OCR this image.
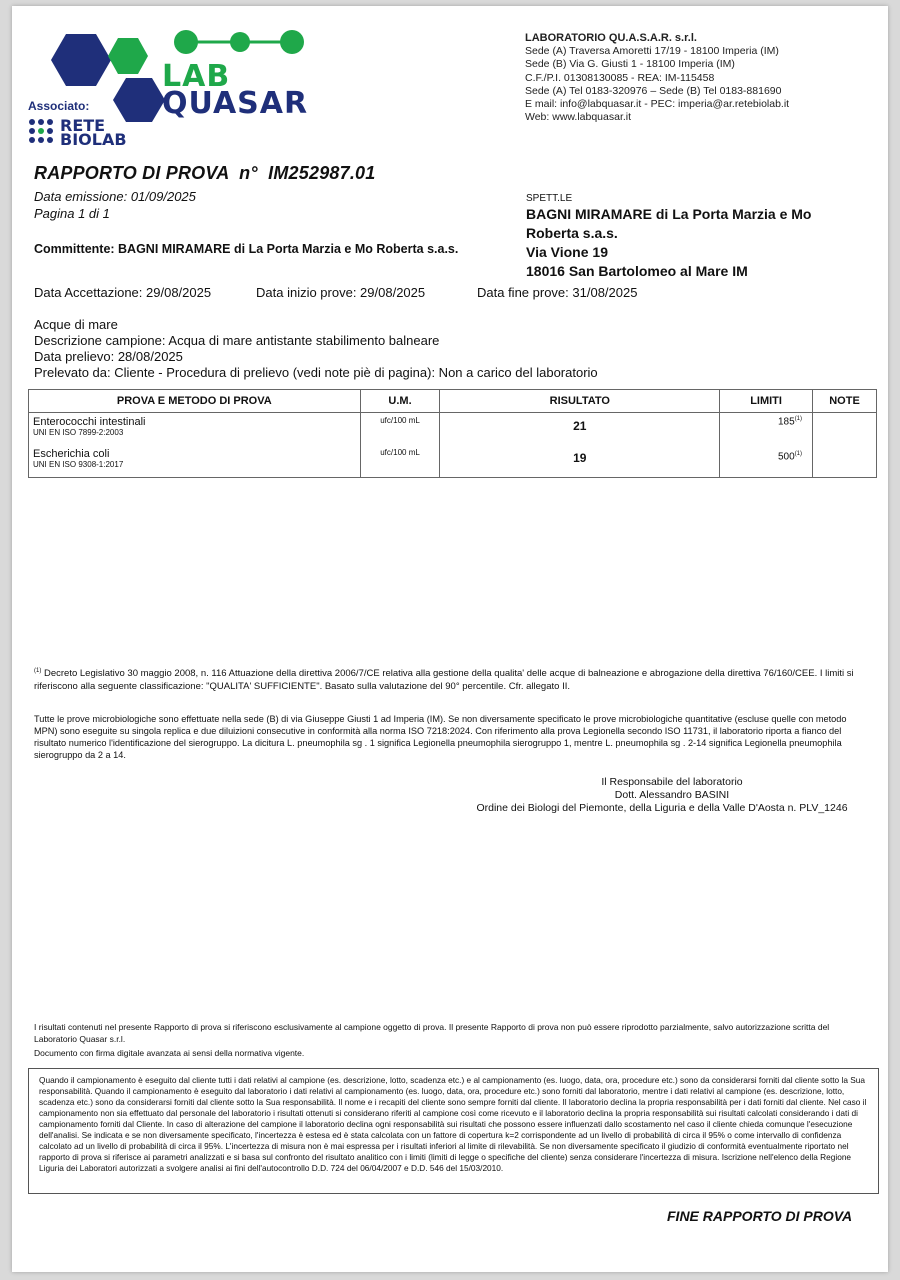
LAB
QUASAR
Associato:
RETE
BIOLAB
LABORATORIO QU.A.S.A.R. s.r.l.
Sede (A) Traversa Amoretti 17/19 - 18100 Imperia (IM)
Sede (B) Via G. Giusti 1 - 18100 Imperia (IM)
C.F./P.I. 01308130085 - REA: IM-115458
Sede (A) Tel 0183-320976 – Sede (B) Tel 0183-881690
E mail: info@labquasar.it - PEC: imperia@ar.retebiolab.it
Web: www.labquasar.it
RAPPORTO DI PROVA  n°  IM252987.01
Data emissione: 01/09/2025
Pagina 1 di 1
Committente: BAGNI MIRAMARE di La Porta Marzia e Mo Roberta s.a.s.
SPETT.LE
BAGNI MIRAMARE di La Porta Marzia e Mo
Roberta s.a.s.
Via Vione 19
18016 San Bartolomeo al Mare IM
Data Accettazione: 29/08/2025	Data inizio prove: 29/08/2025	Data fine prove: 31/08/2025
Acque di mare
Descrizione campione: Acqua di mare antistante stabilimento balneare
Data prelievo: 28/08/2025
Prelevato da: Cliente - Procedura di prelievo (vedi note piè di pagina): Non a carico del laboratorio
PROVA E METODO DI PROVA	U.M.	RISULTATO	LIMITI	NOTE

Enterococchi intestinali
UNI EN ISO 7899-2:2003	ufc/100 mL	21	185$^{(1)}$	

Escherichia coli
UNI EN ISO 9308-1:2017	ufc/100 mL	19	500$^{(1)}$	
$^{(1)}$ Decreto Legislativo 30 maggio 2008, n. 116 Attuazione della direttiva 2006/7/CE relativa alla gestione della qualita' delle acque di balneazione e abrogazione della direttiva 76/160/CEE. I limiti si riferiscono alla seguente classificazione: "QUALITA' SUFFICIENTE". Basato sulla valutazione del 90° percentile. Cfr. allegato II.
Tutte le prove microbiologiche sono effettuate nella sede (B) di via Giuseppe Giusti 1 ad Imperia (IM). Se non diversamente specificato le prove microbiologiche quantitative (escluse quelle con metodo MPN) sono eseguite su singola replica e due diluizioni consecutive in conformità alla norma ISO 7218:2024. Con riferimento alla prova Legionella secondo ISO 11731, il laboratorio riporta a fianco del risultato numerico l'identificazione del sierogruppo. La dicitura L. pneumophila sg . 1 significa Legionella pneumophila sierogruppo 1, mentre L. pneumophila sg . 2-14 significa Legionella pneumophila sierogruppo da 2 a 14.
Il Responsabile del laboratorio
Dott. Alessandro BASINI
Ordine dei Biologi del Piemonte, della Liguria e della Valle D'Aosta n. PLV_1246
I risultati contenuti nel presente Rapporto di prova si riferiscono esclusivamente al campione oggetto di prova. Il presente Rapporto di prova non può essere riprodotto parzialmente, salvo autorizzazione scritta del Laboratorio Quasar s.r.l.
Documento con firma digitale avanzata ai sensi della normativa vigente.
Quando il campionamento è eseguito dal cliente tutti i dati relativi al campione (es. descrizione, lotto, scadenza etc.) e al campionamento (es. luogo, data, ora, procedure etc.) sono da considerarsi forniti dal cliente sotto la Sua responsabilità. Quando il campionamento è eseguito dal laboratorio i dati relativi al campionamento (es. luogo, data, ora, procedure etc.) sono forniti dal laboratorio, mentre i dati relativi al campione (es. descrizione, lotto, scadenza etc.) sono da considerarsi forniti dal cliente sotto la Sua responsabilità. Il nome e i recapiti del cliente sono sempre forniti dal cliente. Il laboratorio declina la propria responsabilità per i dati forniti dal cliente. Nel caso il campionamento non sia effettuato dal personale del laboratorio i risultati ottenuti si considerano riferiti al campione così come ricevuto e il laboratorio declina la propria responsabilità sui risultati calcolati considerando i dati di campionamento forniti dal Cliente. In caso di alterazione del campione il laboratorio declina ogni responsabilità sui risultati che possono essere influenzati dallo scostamento nel caso il cliente chieda comunque l'esecuzione dell'analisi. Se indicata e se non diversamente specificato, l'incertezza è estesa ed è stata calcolata con un fattore di copertura k=2 corrispondente ad un livello di probabilità di circa il 95% o come intervallo di confidenza calcolato ad un livello di probabilità di circa il 95%. L'incertezza di misura non è mai espressa per i risultati inferiori al limite di rilevabilità. Se non diversamente specificato il giudizio di conformità eventualmente riportato nel rapporto di prova si riferisce ai parametri analizzati e si basa sul confronto del risultato analitico con i limiti (limiti di legge o specifiche del cliente) senza considerare l'incertezza di misura. Iscrizione nell'elenco della Regione Liguria dei Laboratori autorizzati a svolgere analisi ai fini dell'autocontrollo D.D. 724 del 06/04/2007 e D.D. 546 del 15/03/2010.
FINE RAPPORTO DI PROVA
